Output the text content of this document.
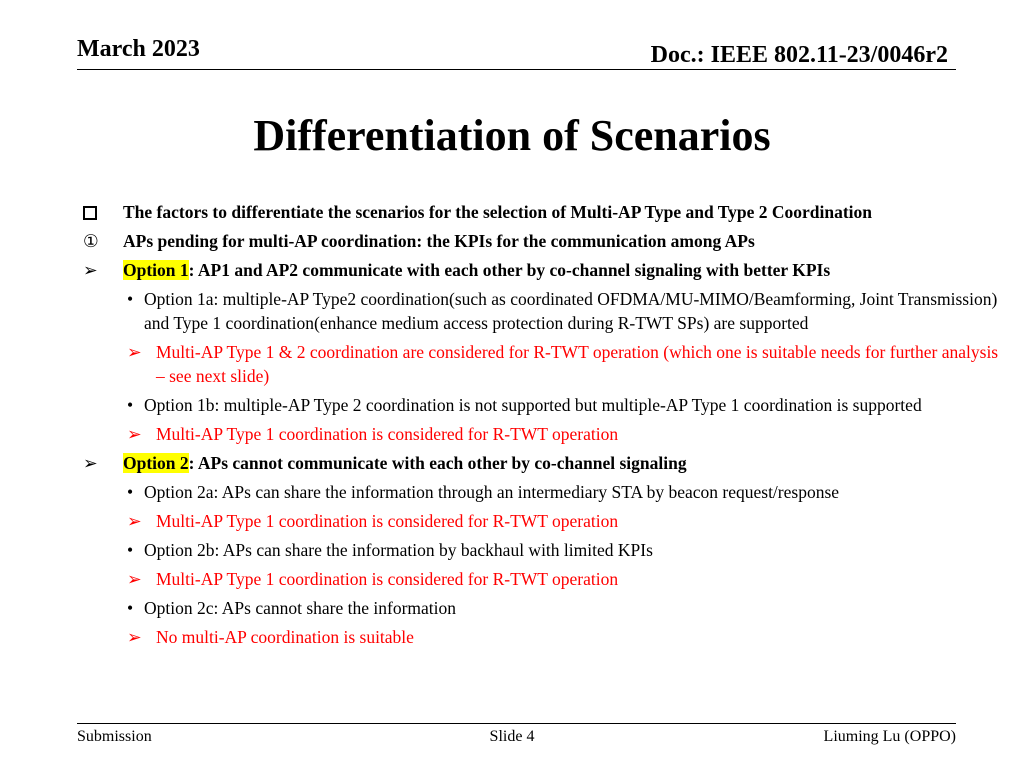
March 2023	Doc.: IEEE 802.11-23/0046r2
Differentiation of Scenarios
The factors to differentiate the scenarios for the selection of Multi-AP Type and Type 2 Coordination
① APs pending for multi-AP coordination: the KPIs for the communication among APs
➢ Option 1: AP1 and AP2 communicate with each other by co-channel signaling with better KPIs
• Option 1a: multiple-AP Type2 coordination(such as coordinated OFDMA/MU-MIMO/Beamforming, Joint Transmission) and Type 1 coordination(enhance medium access protection during R-TWT SPs) are supported
➢ Multi-AP Type 1 & 2 coordination are considered for R-TWT operation (which one is suitable needs for further analysis – see next slide)
• Option 1b: multiple-AP Type 2 coordination is not supported but multiple-AP Type 1 coordination is supported
➢ Multi-AP Type 1 coordination is considered for R-TWT operation
➢ Option 2: APs cannot communicate with each other by co-channel signaling
• Option 2a: APs can share the information through an intermediary STA by beacon request/response
➢ Multi-AP Type 1 coordination is considered for R-TWT operation
• Option 2b: APs can share the information by backhaul with limited KPIs
➢ Multi-AP Type 1 coordination is considered for R-TWT operation
• Option 2c: APs cannot share the information
➢ No multi-AP coordination is suitable
Submission	Slide 4	Liuming Lu (OPPO)
